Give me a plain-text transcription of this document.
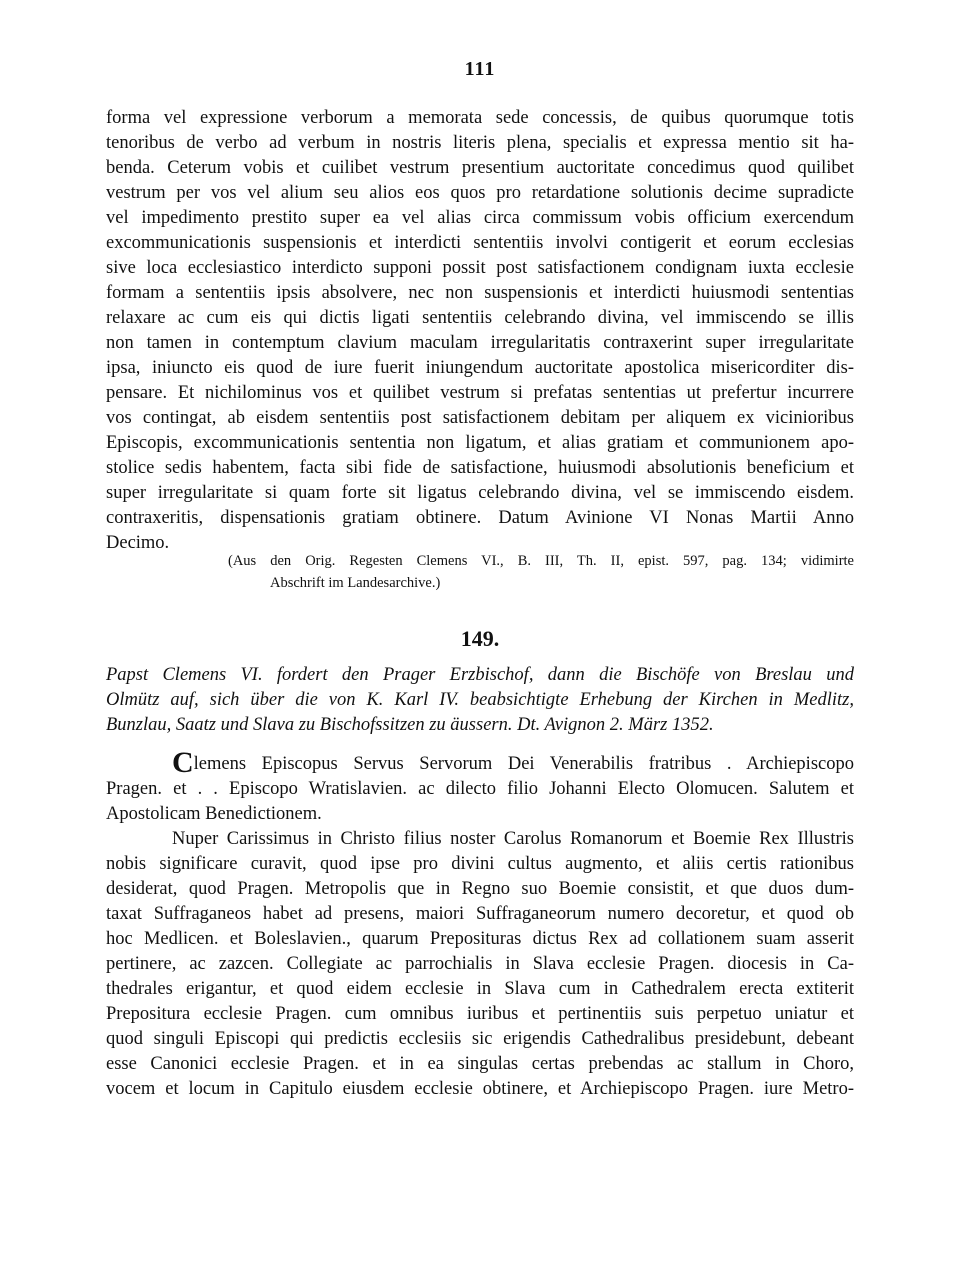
111
forma vel expressione verborum a memorata sede concessis, de quibus quorumque totis
tenoribus de verbo ad verbum in nostris literis plena, specialis et expressa mentio sit ha-
benda. Ceterum vobis et cuilibet vestrum presentium auctoritate concedimus quod quilibet
vestrum per vos vel alium seu alios eos quos pro retardatione solutionis decime supradicte
vel impedimento prestito super ea vel alias circa commissum vobis officium exercendum
excommunicationis suspensionis et interdicti sententiis involvi contigerit et eorum ecclesias
sive loca ecclesiastico interdicto supponi possit post satisfactionem condignam iuxta ecclesie
formam a sententiis ipsis absolvere, nec non suspensionis et interdicti huiusmodi sententias
relaxare ac cum eis qui dictis ligati sententiis celebrando divina, vel immiscendo se illis
non tamen in contemptum clavium maculam irregularitatis contraxerint super irregularitate
ipsa, iniuncto eis quod de iure fuerit iniungendum auctoritate apostolica misericorditer dis-
pensare. Et nichilominus vos et quilibet vestrum si prefatas sententias ut prefertur incurrere
vos contingat, ab eisdem sententiis post satisfactionem debitam per aliquem ex vicinioribus
Episcopis, excommunicationis sententia non ligatum, et alias gratiam et communionem apo-
stolice sedis habentem, facta sibi fide de satisfactione, huiusmodi absolutionis beneficium et
super irregularitate si quam forte sit ligatus celebrando divina, vel se immiscendo eisdem.
contraxeritis, dispensationis gratiam obtinere. Datum Avinione VI Nonas Martii Anno
Decimo.
(Aus den Orig. Regesten Clemens VI., B. III, Th. II, epist. 597, pag. 134; vidimirte
Abschrift im Landesarchive.)
149.
Papst Clemens VI. fordert den Prager Erzbischof, dann die Bischöfe von Breslau und
Olmütz auf, sich über die von K. Karl IV. beabsichtigte Erhebung der Kirchen in Medlitz,
Bunzlau, Saatz und Slava zu Bischofssitzen zu äussern. Dt. Avignon 2. März 1352.
Clemens Episcopus Servus Servorum Dei Venerabilis fratribus . Archiepiscopo
Pragen. et . . Episcopo Wratislavien. ac dilecto filio Johanni Electo Olomucen. Salutem et
Apostolicam Benedictionem.
Nuper Carissimus in Christo filius noster Carolus Romanorum et Boemie Rex Illustris
nobis significare curavit, quod ipse pro divini cultus augmento, et aliis certis rationibus
desiderat, quod Pragen. Metropolis que in Regno suo Boemie consistit, et que duos dum-
taxat Suffraganeos habet ad presens, maiori Suffraganeorum numero decoretur, et quod ob
hoc Medlicen. et Boleslavien., quarum Preposituras dictus Rex ad collationem suam asserit
pertinere, ac zazcen. Collegiate ac parrochialis in Slava ecclesie Pragen. diocesis in Ca-
thedrales erigantur, et quod eidem ecclesie in Slava cum in Cathedralem erecta extiterit
Prepositura ecclesie Pragen. cum omnibus iuribus et pertinentiis suis perpetuo uniatur et
quod singuli Episcopi qui predictis ecclesiis sic erigendis Cathedralibus presidebunt, debeant
esse Canonici ecclesie Pragen. et in ea singulas certas prebendas ac stallum in Choro,
vocem et locum in Capitulo eiusdem ecclesie obtinere, et Archiepiscopo Pragen. iure Metro-
